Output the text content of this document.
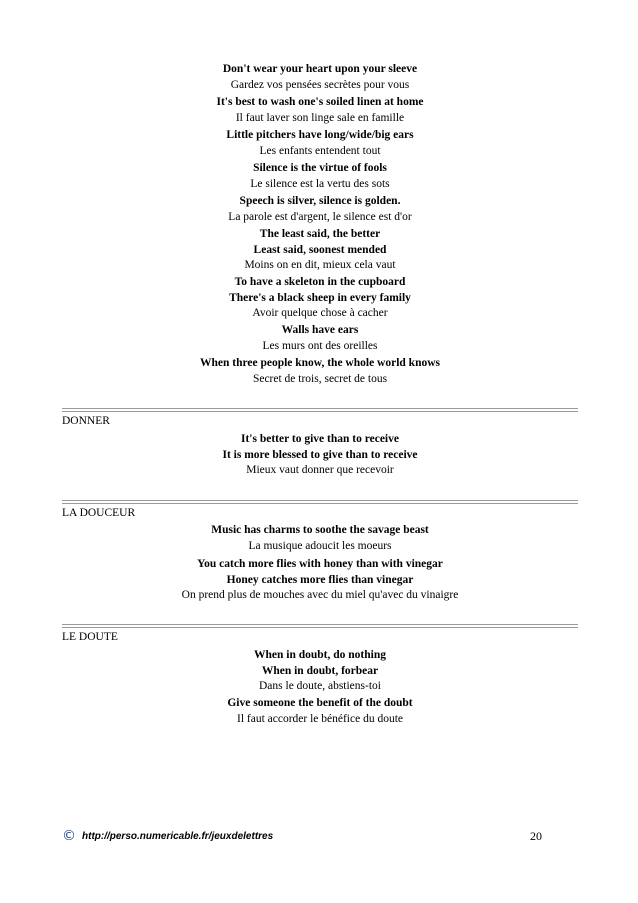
Don't wear your heart upon your sleeve
Gardez vos pensées secrètes pour vous
It's best to wash one's soiled linen at home
Il faut laver son linge sale en famille
Little pitchers have long/wide/big ears
Les enfants entendent tout
Silence is the virtue of fools
Le silence est la vertu des sots
Speech is silver, silence is golden.
La parole est d'argent, le silence est d'or
The least said, the better
Least said, soonest mended
Moins on en dit, mieux cela vaut
To have a skeleton in the cupboard
There's a black sheep in every family
Avoir quelque chose à cacher
Walls have ears
Les murs ont des oreilles
When three people know, the whole world knows
Secret de trois, secret de tous
DONNER
It's better to give than to receive
It is more blessed to give than to receive
Mieux vaut donner que recevoir
LA DOUCEUR
Music has charms to soothe the savage beast
La musique adoucit les moeurs
You catch more flies with honey than with vinegar
Honey catches more flies than vinegar
On prend plus de mouches avec du miel qu'avec du vinaigre
LE DOUTE
When in doubt, do nothing
When in doubt, forbear
Dans le doute, abstiens-toi
Give someone the benefit of the doubt
Il faut accorder le bénéfice du doute
© http://perso.numericable.fr/jeuxdelettres	20
